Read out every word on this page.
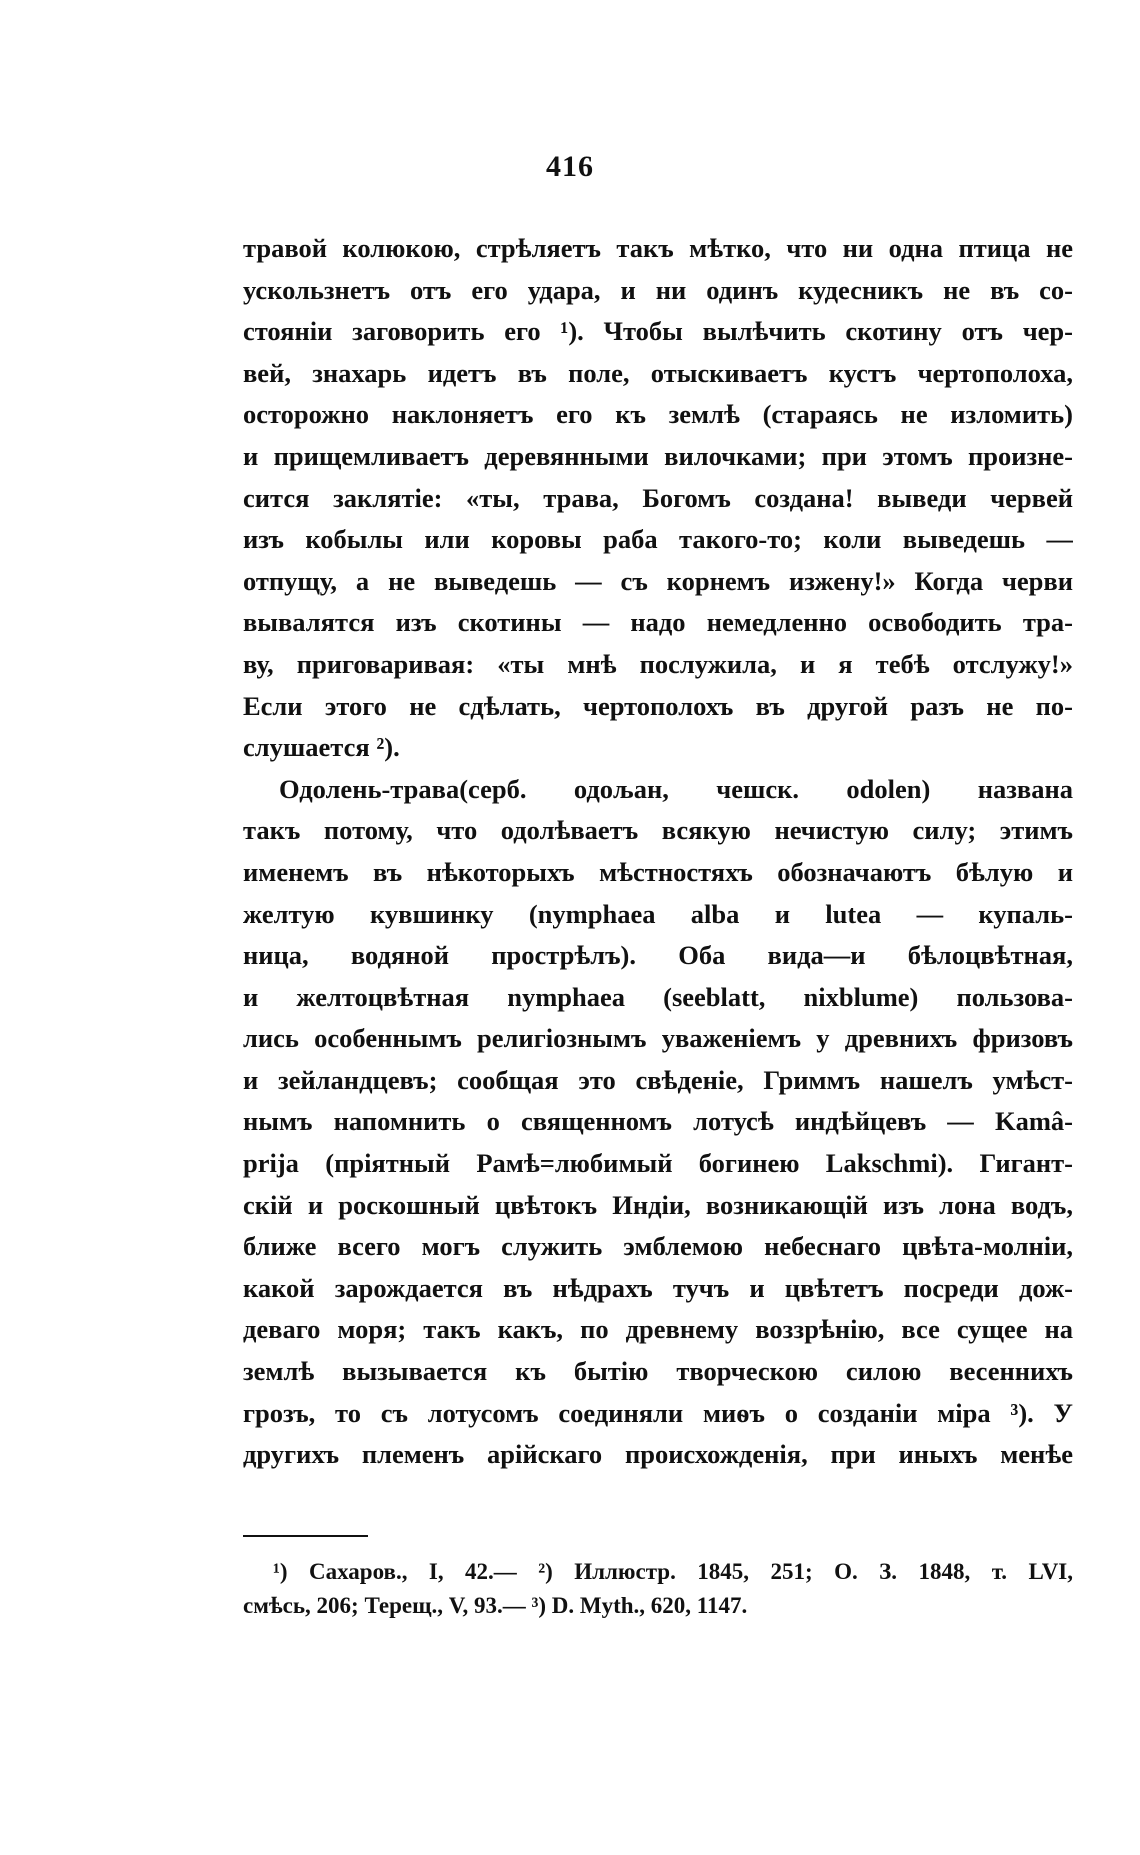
416
травой колюкою, стрѣляетъ такъ мѣтко, что ни одна птица не
ускользнетъ отъ его удара, и ни одинъ кудесникъ не въ со-
стояніи заговорить его ¹). Чтобы вылѣчить скотину отъ чер-
вей, знахарь идетъ въ поле, отыскиваетъ кустъ чертополоха,
осторожно наклоняетъ его къ землѣ (стараясь не изломить)
и прищемливаетъ деревянными вилочками; при этомъ произне-
сится заклятіе: «ты, трава, Богомъ создана! выведи червей
изъ кобылы или коровы раба такого-то; коли выведешь —
отпущу, а не выведешь — съ корнемъ изжену!» Когда черви
вывалятся изъ скотины — надо немедленно освободить тра-
ву, приговаривая: «ты мнѣ послужила, и я тебѣ отслужу!»
Если этого не сдѣлать, чертополохъ въ другой разъ не по-
слушается ²).
Одолень-трава(серб. одољан, чешск. odolen) названа
такъ потому, что одолѣваетъ всякую нечистую силу; этимъ
именемъ въ нѣкоторыхъ мѣстностяхъ обозначаютъ бѣлую и
желтую кувшинку (nymphaea alba и lutea — купаль-
ница, водяной прострѣлъ). Оба вида—и бѣлоцвѣтная,
и желтоцвѣтная nymphaea (seeblatt, nixblume) пользова-
лись особеннымъ религіознымъ уваженіемъ у древнихъ фризовъ
и зейландцевъ; сообщая это свѣденіе, Гриммъ нашелъ умѣст-
нымъ напомнить о священномъ лотусѣ индѣйцевъ — Kamâ-
prija (пріятный Рамѣ=любимый богинею Lakschmi). Гигант-
скій и роскошный цвѣтокъ Индіи, возникающій изъ лона водъ,
ближе всего могъ служить эмблемою небеснаго цвѣта-молніи,
какой зарождается въ нѣдрахъ тучъ и цвѣтетъ посреди дож-
деваго моря; такъ какъ, по древнему воззрѣнію, все сущее на
землѣ вызывается къ бытію творческою силою весеннихъ
грозъ, то съ лотусомъ соединяли миѳъ о созданіи міра ³). У
другихъ племенъ арійскаго происхожденія, при иныхъ менѣе
¹) Сахаров., I, 42.— ²) Иллюстр. 1845, 251; О. З. 1848, т. LVI,
смѣсь, 206; Терещ., V, 93.— ³) D. Myth., 620, 1147.
